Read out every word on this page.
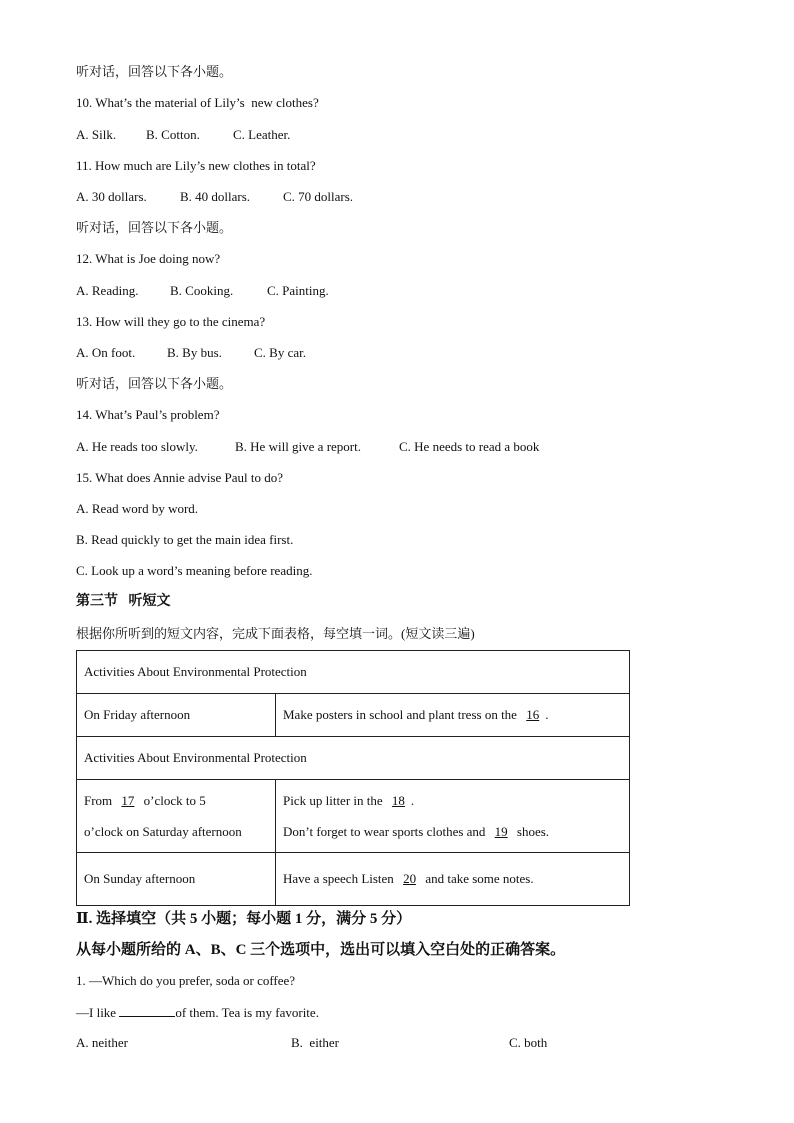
听对话，回答以下各小题。
10. What’s the material of Lily’s  new clothes?

A. Silk.

B. Cotton.

	C. Leather.

11. How much are Lily’s new clothes in total?

A. 30 dollars.

	B. 40 dollars.

	C. 70 dollars.

听对话，回答以下各小题。
12. What is Joe doing now?

A. Reading.

B. Cooking.

	C. Painting.

13. How will they go to the cinema?

A. On foot.

B. By bus.

C. By car.

听对话，回答以下各小题。
14. What’s Paul’s problem?

A. He reads too slowly.

	B. He will give a report.

	C. He needs to read a book

15. What does Annie advise Paul to do?
A. Read word by word.
B. Read quickly to get the main idea first.
C. Look up a word’s meaning before reading.
第三节   听短文
根据你所听到的短文内容，完成下面表格，每空填一词。(短文读三遍)
Activities About Environmental Protection	
On Friday afternoon	Make posters in school and plant tress on the 16 .
Activities About Environmental Protection	

From 17 o’clock to 5
o’clock on Saturday afternoon	Pick up litter in the 18 .
Don’t forget to wear sports clothes and 19 shoes.

On Sunday afternoon	Have a speech Listen 20 and take some notes.
Ⅱ. 选择填空（共 5 小题；每小题 1 分，满分 5 分）
从每小题所给的 A、B、C 三个选项中，选出可以填入空白处的正确答案。
1. —Which do you prefer, soda or coffee?
—I like	of them. Tea is my favorite.

A. neither

	B.  either

	C. both
